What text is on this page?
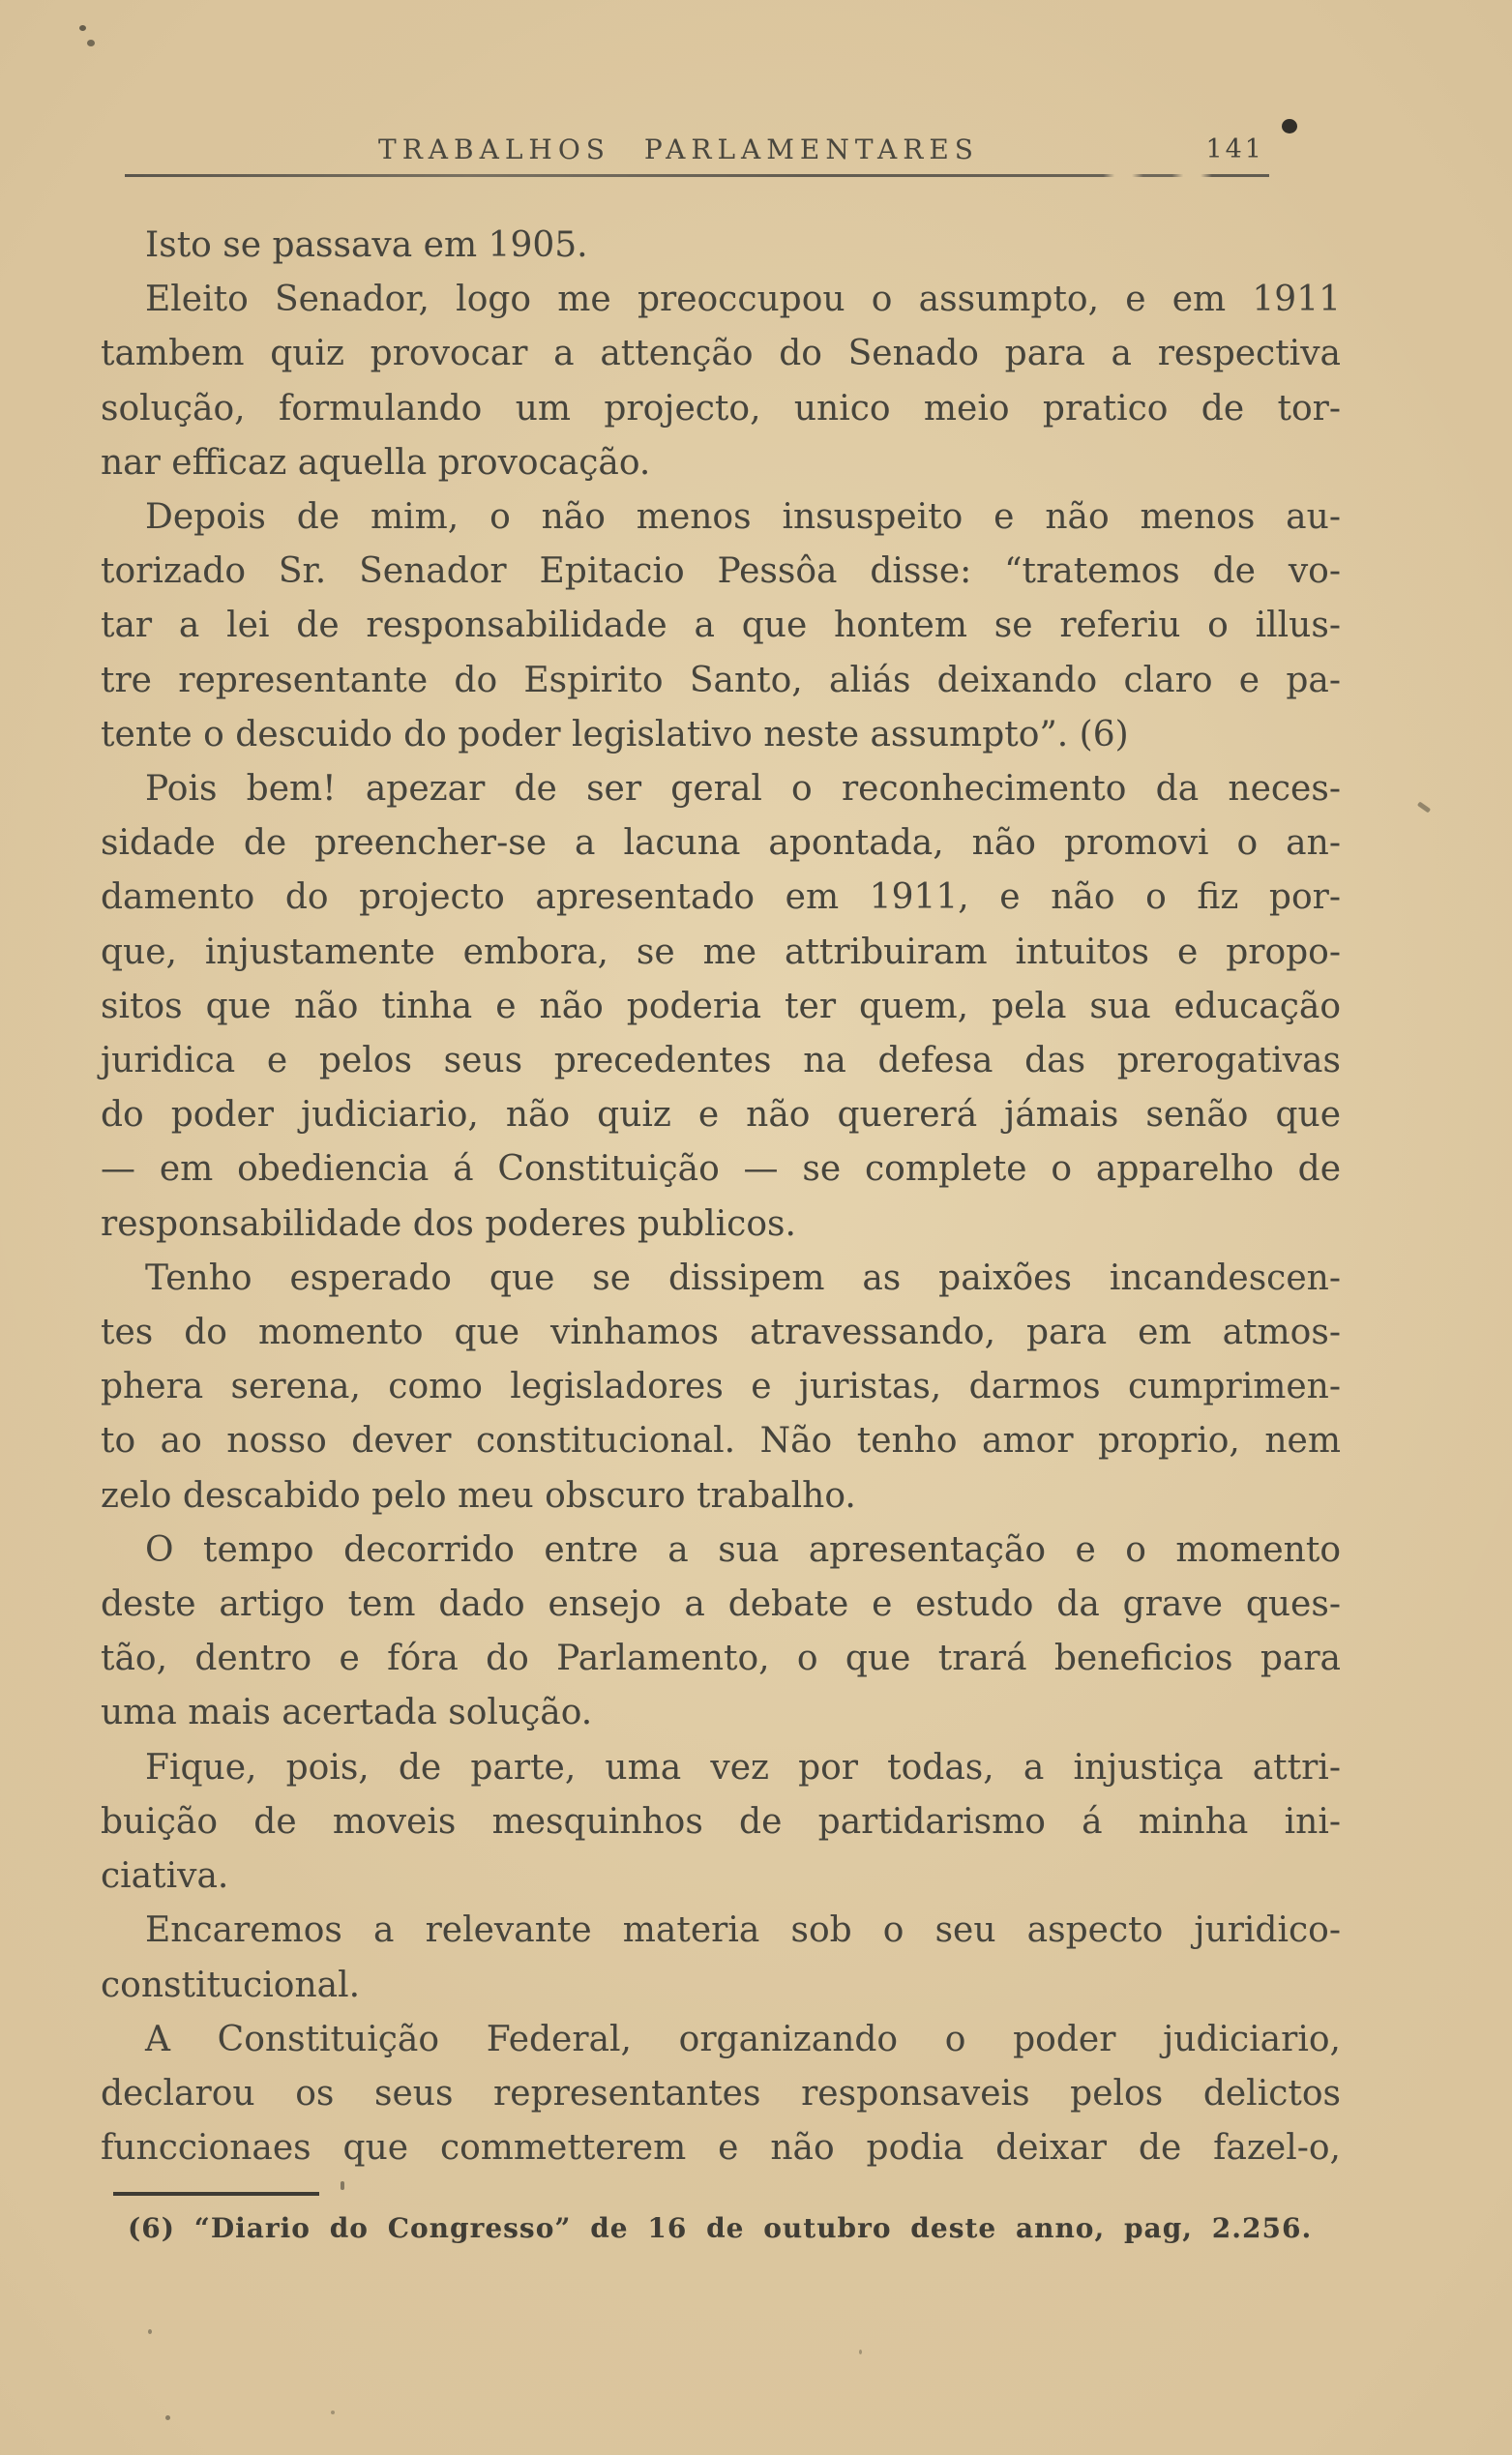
TRABALHOS PARLAMENTARES	141
Isto se passava em 1905.
Eleito Senador, logo me preoccupou o assumpto, e em 1911
tambem quiz provocar a attenção do Senado para a respectiva
solução, formulando um projecto, unico meio pratico de tor-
nar efficaz aquella provocação.
Depois de mim, o não menos insuspeito e não menos au-
torizado Sr. Senador Epitacio Pessôa disse: “tratemos de vo-
tar a lei de responsabilidade a que hontem se referiu o illus-
tre representante do Espirito Santo, aliás deixando claro e pa-
tente o descuido do poder legislativo neste assumpto”. (6)
Pois bem! apezar de ser geral o reconhecimento da neces-
sidade de preencher-se a lacuna apontada, não promovi o an-
damento do projecto apresentado em 1911, e não o fiz por-
que, injustamente embora, se me attribuiram intuitos e propo-
sitos que não tinha e não poderia ter quem, pela sua educação
juridica e pelos seus precedentes na defesa das prerogativas
do poder judiciario, não quiz e não quererá jámais senão que
— em obediencia á Constituição — se complete o apparelho de
responsabilidade dos poderes publicos.
Tenho esperado que se dissipem as paixões incandescen-
tes do momento que vinhamos atravessando, para em atmos-
phera serena, como legisladores e juristas, darmos cumprimen-
to ao nosso dever constitucional. Não tenho amor proprio, nem
zelo descabido pelo meu obscuro trabalho.
O tempo decorrido entre a sua apresentação e o momento
deste artigo tem dado ensejo a debate e estudo da grave ques-
tão, dentro e fóra do Parlamento, o que trará beneficios para
uma mais acertada solução.
Fique, pois, de parte, uma vez por todas, a injustiça attri-
buição de moveis mesquinhos de partidarismo á minha ini-
ciativa.
Encaremos a relevante materia sob o seu aspecto juridico-
constitucional.
A Constituição Federal, organizando o poder judiciario,
declarou os seus representantes responsaveis pelos delictos
funccionaes que commetterem e não podia deixar de fazel-o,
(6) “Diario do Congresso” de 16 de outubro deste anno, pag, 2.256.
